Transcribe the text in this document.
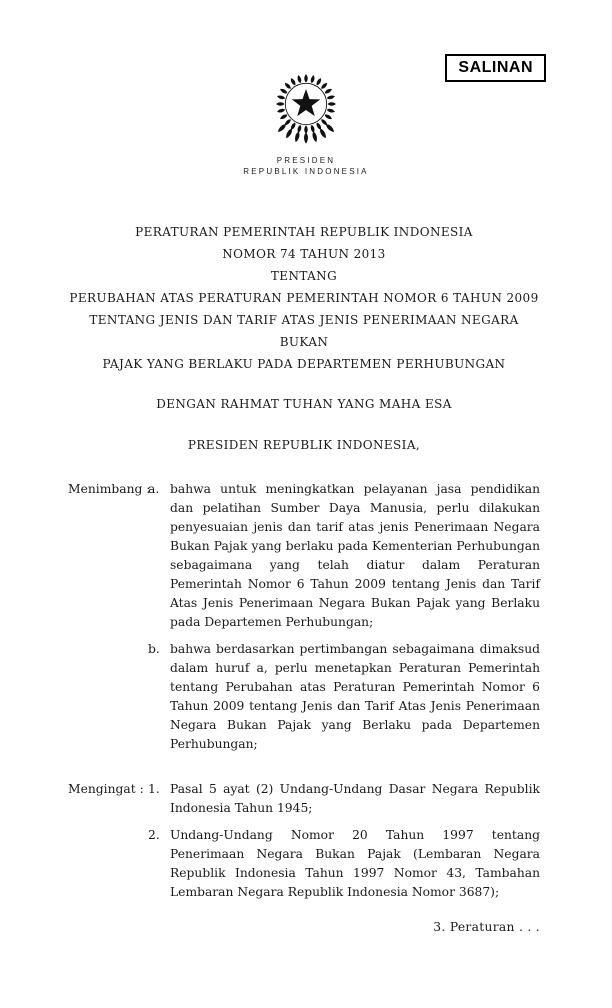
SALINAN
PRESIDEN
REPUBLIK INDONESIA
PERATURAN PEMERINTAH REPUBLIK INDONESIA
NOMOR 74 TAHUN 2013
TENTANG
PERUBAHAN ATAS PERATURAN PEMERINTAH NOMOR 6 TAHUN 2009
TENTANG JENIS DAN TARIF ATAS JENIS PENERIMAAN NEGARA BUKAN
PAJAK YANG BERLAKU PADA DEPARTEMEN PERHUBUNGAN
DENGAN RAHMAT TUHAN YANG MAHA ESA
PRESIDEN REPUBLIK INDONESIA,
Menimbang :
a. bahwa untuk meningkatkan pelayanan jasa pendidikan dan pelatihan Sumber Daya Manusia, perlu dilakukan penyesuaian jenis dan tarif atas jenis Penerimaan Negara Bukan Pajak yang berlaku pada Kementerian Perhubungan sebagaimana yang telah diatur dalam Peraturan Pemerintah Nomor 6 Tahun 2009 tentang Jenis dan Tarif Atas Jenis Penerimaan Negara Bukan Pajak yang Berlaku pada Departemen Perhubungan;
b. bahwa berdasarkan pertimbangan sebagaimana dimaksud dalam huruf a, perlu menetapkan Peraturan Pemerintah tentang Perubahan atas Peraturan Pemerintah Nomor 6 Tahun 2009 tentang Jenis dan Tarif Atas Jenis Penerimaan Negara Bukan Pajak yang Berlaku pada Departemen Perhubungan;
Mengingat : 1. Pasal 5 ayat (2) Undang-Undang Dasar Negara Republik Indonesia Tahun 1945;
2. Undang-Undang Nomor 20 Tahun 1997 tentang Penerimaan Negara Bukan Pajak (Lembaran Negara Republik Indonesia Tahun 1997 Nomor 43, Tambahan Lembaran Negara Republik Indonesia Nomor 3687);
3. Peraturan . . .
